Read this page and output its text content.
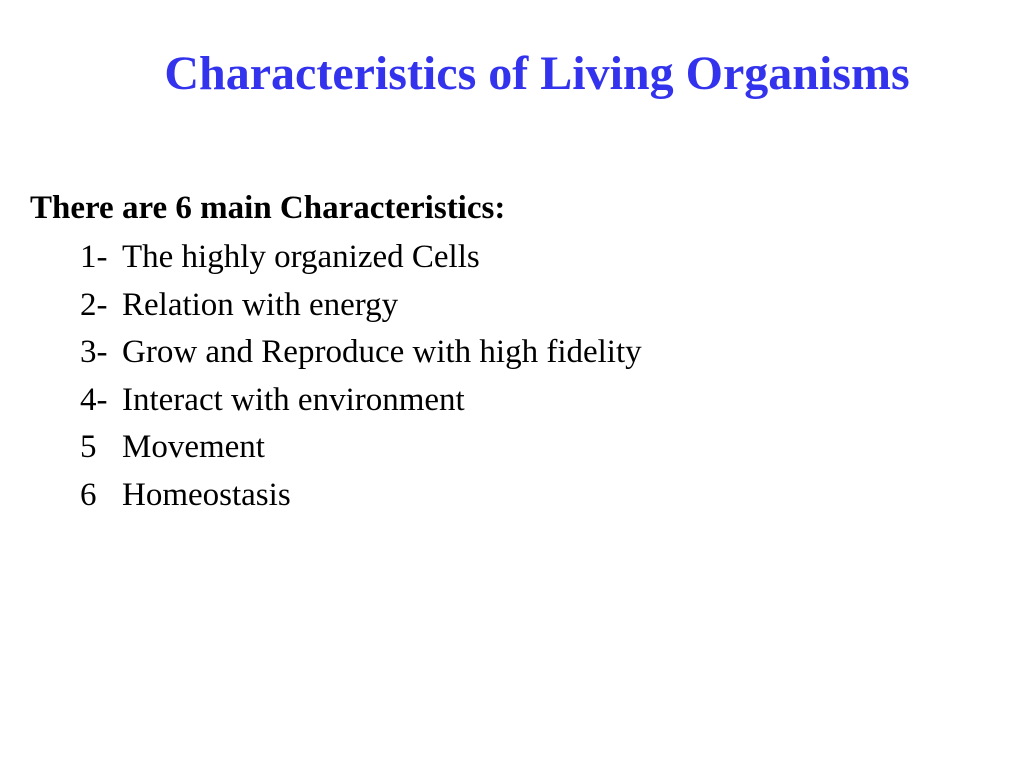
Characteristics of Living Organisms

There are 6 main Characteristics:

1- The highly organized Cells
2- Relation with energy
3- Grow and Reproduce with high fidelity
4- Interact with environment
5 Movement
6 Homeostasis
